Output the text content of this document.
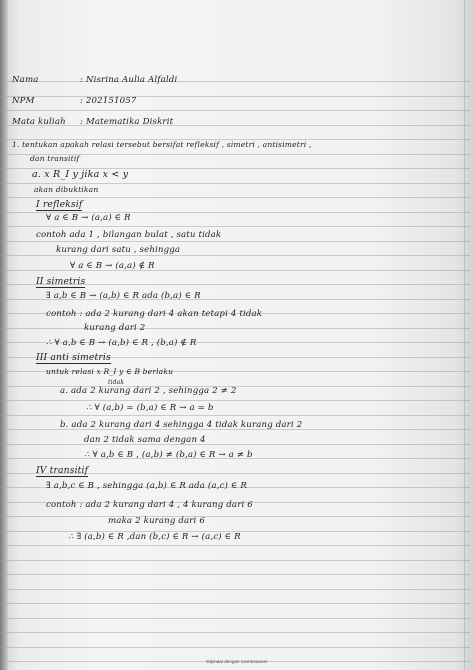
Nama	: Nisrina Aulia Alfaldi
NPM	: 202151057
Mata kuliah : Matematika Diskrit
1. tentukan apakah relasi tersebut bersifat refleksif , simetri , antisimetri ,
dan transitif
a. x R_I y jika x < y
akan dibuktikan
I refleksif
∀ a ∈ B → (a,a) ∈ R
contoh ada 1 , bilangan bulat , satu tidak
kurang dari satu , sehingga
∀ a ∈ B → (a,a) ∉ R
II simetris
∃ a,b ∈ B → (a,b) ∈ R ada (b,a) ∈ R
contoh : ada 2 kurang dari 4 akan tetapi 4 tidak
kurang dari 2
∴ ∀ a,b ∈ B → (a,b) ∈ R , (b,a) ∉ R
III anti simetris
untuk relasi x R_I y ∈ B berlaku
tidak
a. ada 2 kurang dari 2 , sehingga 2 ≠ 2
∴ ∀ (a,b) = (b,a) ∈ R → a = b
b. ada 2 kurang dari 4 sehingga 4 tidak kurang dari 2
dan 2 tidak sama dengan 4
∴ ∀ a,b ∈ B , (a,b) ≠ (b,a) ∈ R → a ≠ b
IV transitif
∃ a,b,c ∈ B , sehingga (a,b) ∈ R ada (a,c) ∈ R
contoh : ada 2 kurang dari 4 , 4 kurang dari 6
maka 2 kurang dari 6
∴ ∃ (a,b) ∈ R ,dan (b,c) ∈ R → (a,c) ∈ R
Dipindai dengan CamScanner
